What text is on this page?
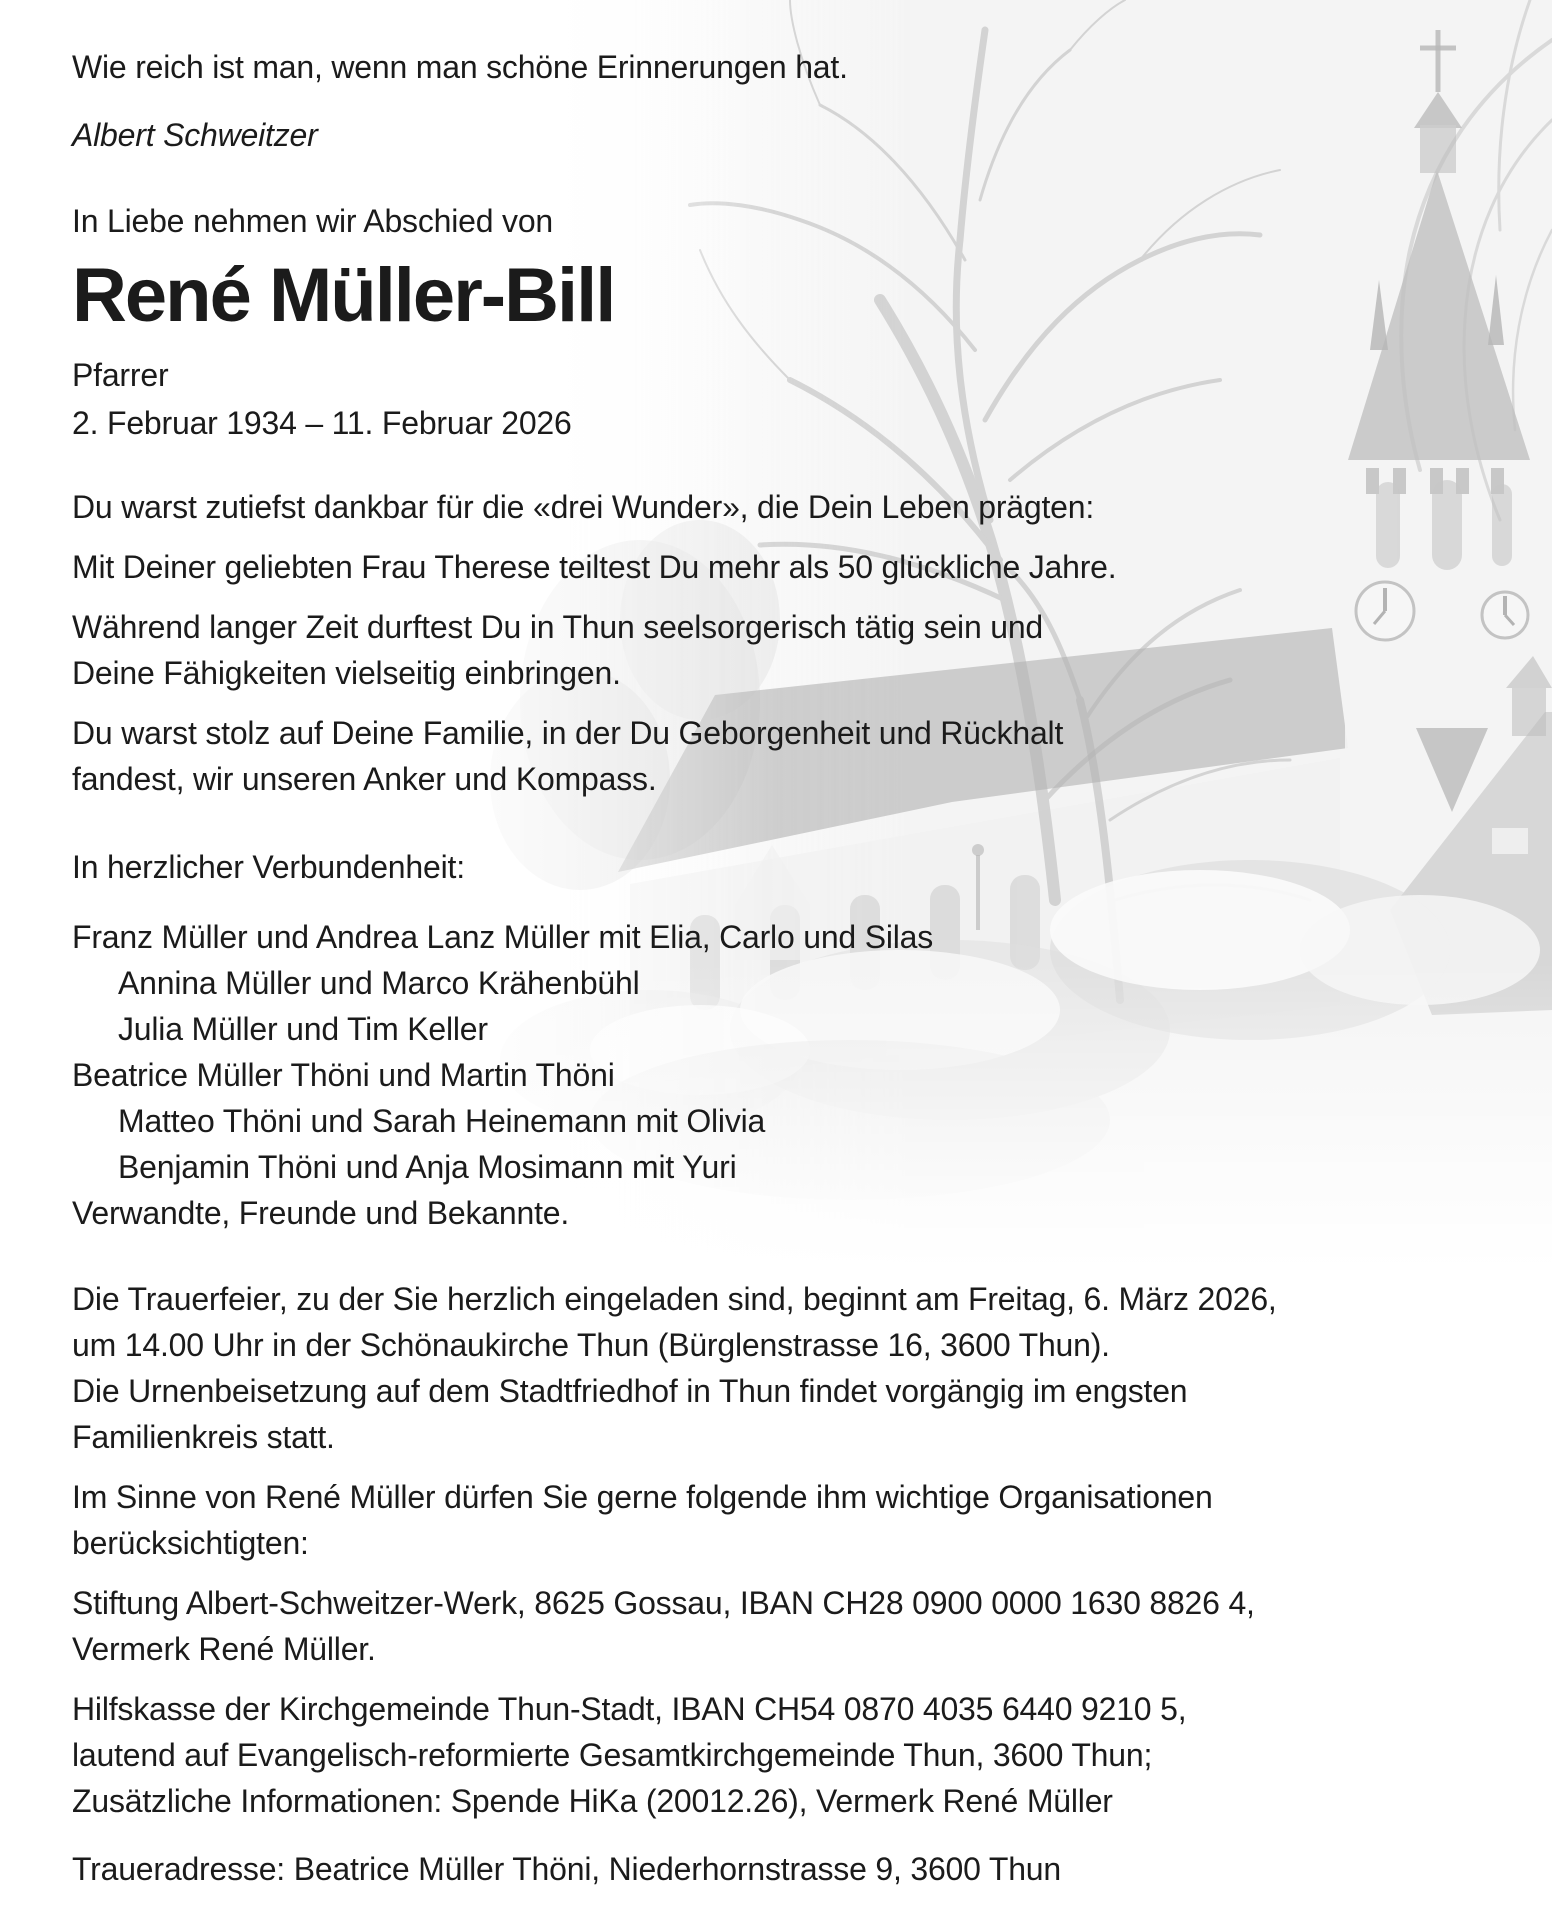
Wie reich ist man, wenn man schöne Erinnerungen hat.
Albert Schweitzer
In Liebe nehmen wir Abschied von
René Müller-Bill
Pfarrer
2. Februar 1934 – 11. Februar 2026
Du warst zutiefst dankbar für die «drei Wunder», die Dein Leben prägten:
Mit Deiner geliebten Frau Therese teiltest Du mehr als 50 glückliche Jahre.
Während langer Zeit durftest Du in Thun seelsorgerisch tätig sein und
Deine Fähigkeiten vielseitig einbringen.
Du warst stolz auf Deine Familie, in der Du Geborgenheit und Rückhalt
fandest, wir unseren Anker und Kompass.
In herzlicher Verbundenheit:
Franz Müller und Andrea Lanz Müller mit Elia, Carlo und Silas
Annina Müller und Marco Krähenbühl
Julia Müller und Tim Keller
Beatrice Müller Thöni und Martin Thöni
Matteo Thöni und Sarah Heinemann mit Olivia
Benjamin Thöni und Anja Mosimann mit Yuri
Verwandte, Freunde und Bekannte.
Die Trauerfeier, zu der Sie herzlich eingeladen sind, beginnt am Freitag, 6. März 2026,
um 14.00 Uhr in der Schönaukirche Thun (Bürglenstrasse 16, 3600 Thun).
Die Urnenbeisetzung auf dem Stadtfriedhof in Thun findet vorgängig im engsten
Familienkreis statt.
Im Sinne von René Müller dürfen Sie gerne folgende ihm wichtige Organisationen
berücksichtigten:
Stiftung Albert-Schweitzer-Werk, 8625 Gossau, IBAN CH28 0900 0000 1630 8826 4,
Vermerk René Müller.
Hilfskasse der Kirchgemeinde Thun-Stadt, IBAN CH54 0870 4035 6440 9210 5,
lautend auf Evangelisch-reformierte Gesamtkirchgemeinde Thun, 3600 Thun;
Zusätzliche Informationen: Spende HiKa (20012.26), Vermerk René Müller
Traueradresse: Beatrice Müller Thöni, Niederhornstrasse 9, 3600 Thun
